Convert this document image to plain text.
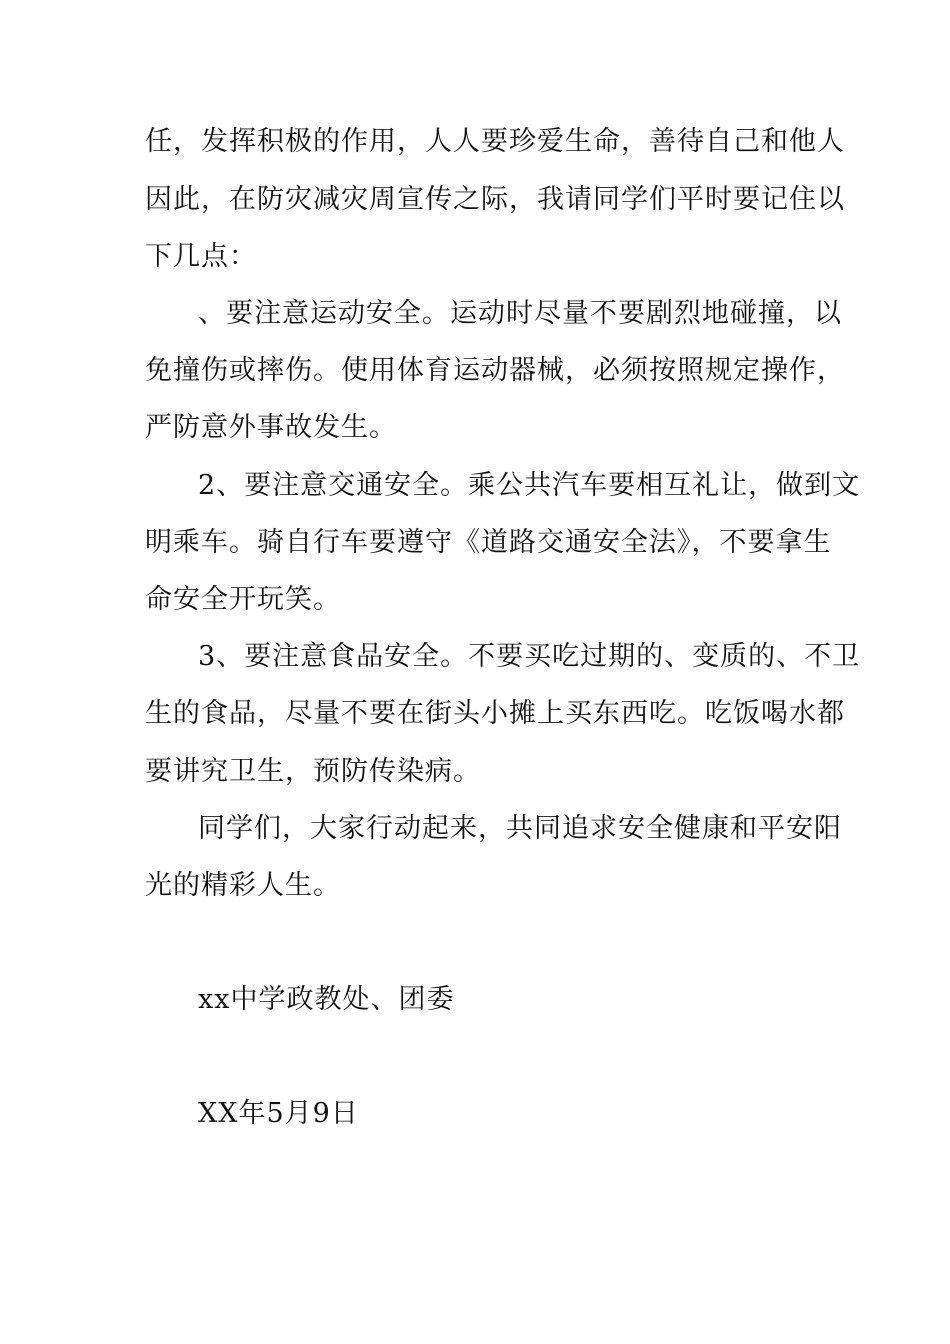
任，发挥积极的作用，人人要珍爱生命，善待自己和他人
因此，在防灾减灾周宣传之际，我请同学们平时要记住以
下几点：
、要注意运动安全。运动时尽量不要剧烈地碰撞，以
免撞伤或摔伤。使用体育运动器械，必须按照规定操作，
严防意外事故发生。
2、要注意交通安全。乘公共汽车要相互礼让，做到文
明乘车。骑自行车要遵守《道路交通安全法》，不要拿生
命安全开玩笑。
3、要注意食品安全。不要买吃过期的、变质的、不卫
生的食品，尽量不要在街头小摊上买东西吃。吃饭喝水都
要讲究卫生，预防传染病。
同学们，大家行动起来，共同追求安全健康和平安阳
光的精彩人生。
xx中学政教处、团委
XX年5月9日
